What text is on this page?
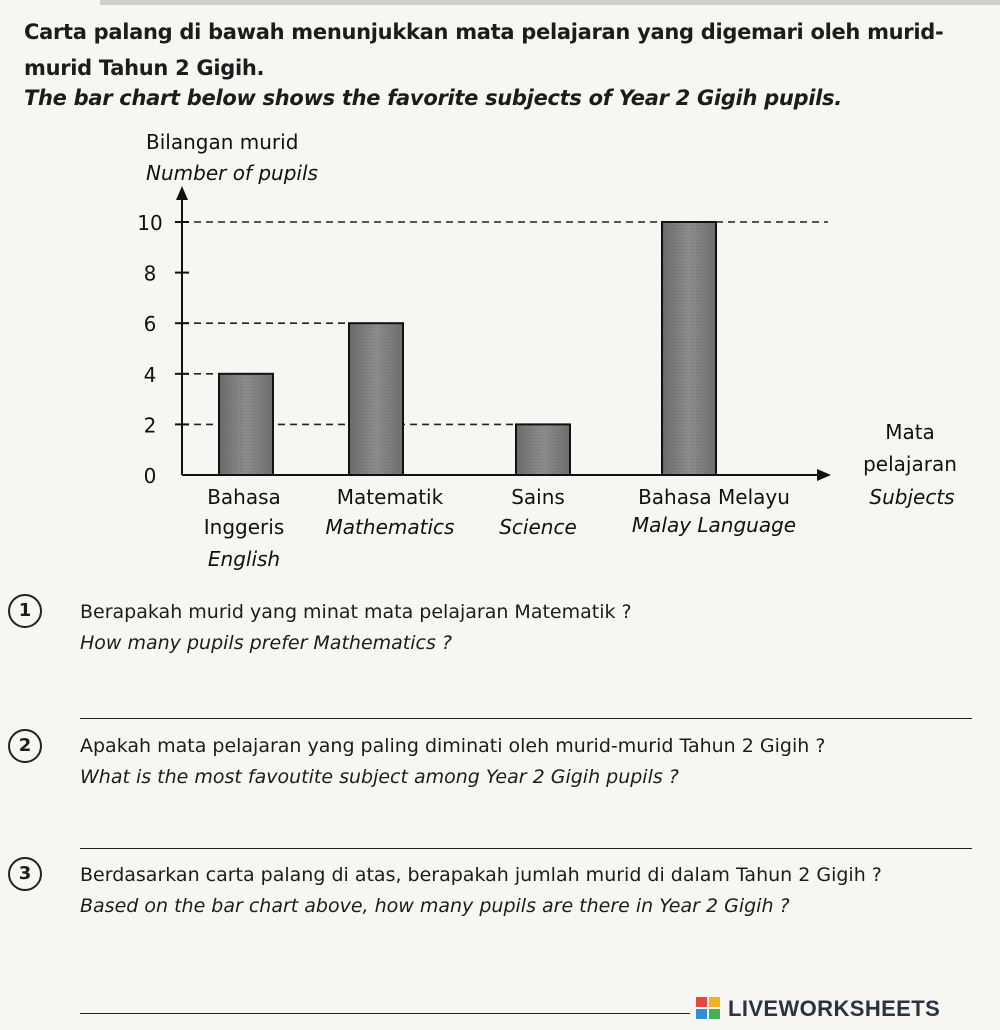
Carta palang di bawah menunjukkan mata pelajaran yang digemari oleh murid-murid Tahun 2 Gigih.
The bar chart below shows the favorite subjects of Year 2 Gigih pupils.
0
2
4
6
8
10
Bilangan murid
Number of pupils
Mata
pelajaran
Subjects
Bahasa
Inggeris
English
Matematik
Mathematics
Sains
Science
Bahasa Melayu
Malay Language
1	Berapakah murid yang minat mata pelajaran Matematik ?
How many pupils prefer Mathematics ?
2	Apakah mata pelajaran yang paling diminati oleh murid-murid Tahun 2 Gigih ?
What is the most favoutite subject among Year 2 Gigih pupils ?
3	Berdasarkan carta palang di atas, berapakah jumlah murid di dalam Tahun 2 Gigih ?
Based on the bar chart above, how many pupils are there in Year 2 Gigih ?
LIVEWORKSHEETS
